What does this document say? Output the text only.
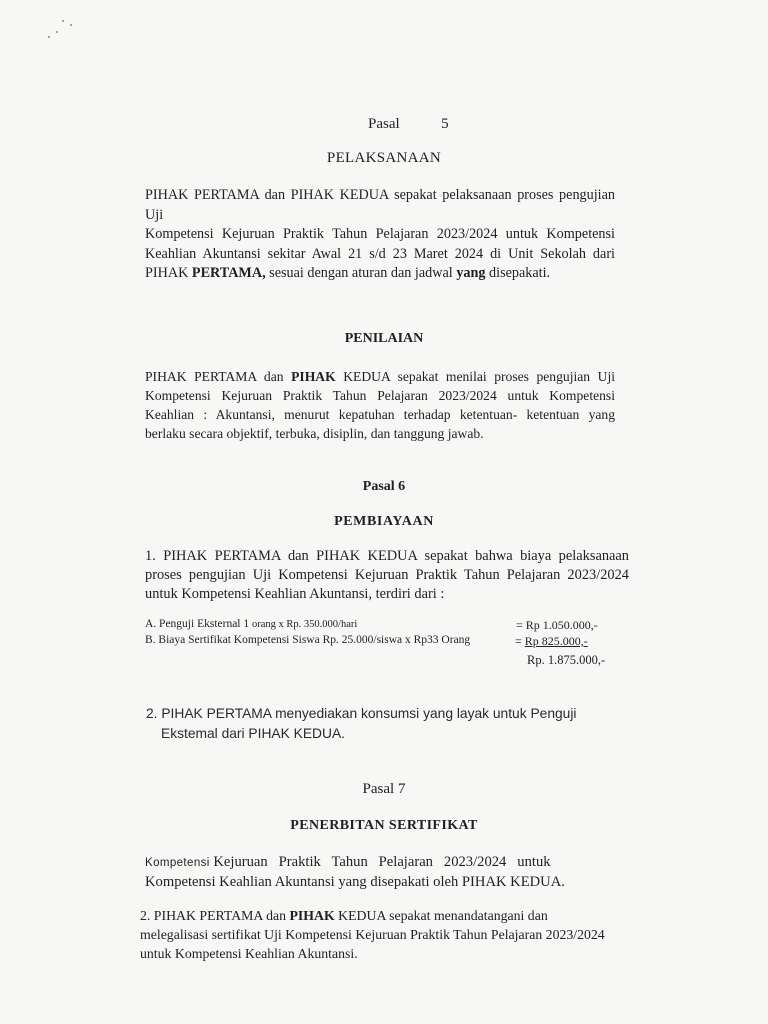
Pasal	5
PELAKSANAAN
PIHAK PERTAMA dan PIHAK KEDUA sepakat pelaksanaan proses pengujian Uji
Kompetensi Kejuruan Praktik Tahun Pelajaran 2023/2024 untuk Kompetensi
Keahlian Akuntansi sekitar Awal 21 s/d 23 Maret 2024 di Unit Sekolah dari
PIHAK PERTAMA, sesuai dengan aturan dan jadwal yang disepakati.
PENILAIAN
PIHAK PERTAMA dan PIHAK KEDUA sepakat menilai proses pengujian Uji
Kompetensi Kejuruan Praktik Tahun Pelajaran 2023/2024 untuk Kompetensi
Keahlian : Akuntansi, menurut kepatuhan terhadap ketentuan- ketentuan yang
berlaku secara objektif, terbuka, disiplin, dan tanggung jawab.
Pasal 6
PEMBIAYAAN
1. PIHAK PERTAMA dan PIHAK KEDUA sepakat bahwa biaya pelaksanaan
proses pengujian Uji Kompetensi Kejuruan Praktik Tahun Pelajaran 2023/2024
untuk Kompetensi Keahlian Akuntansi, terdiri dari :
A. Penguji Eksternal 1 orang x Rp. 350.000/hari	= Rp 1.050.000,-
B. Biaya Sertifikat Kompetensi Siswa Rp. 25.000/siswa x Rp33 Orang	= Rp 825.000,-
Rp. 1.875.000,-
2. PIHAK PERTAMA menyediakan konsumsi yang layak untuk Penguji
Ekstemal dari PIHAK KEDUA.
Pasal 7
PENERBITAN SERTIFIKAT
Kompetensi Kejuruan   Praktik   Tahun   Pelajaran   2023/2024   untuk
Kompetensi Keahlian Akuntansi yang disepakati oleh PIHAK KEDUA.
2. PIHAK PERTAMA dan PIHAK KEDUA sepakat menandatangani dan
melegalisasi sertifikat Uji Kompetensi Kejuruan Praktik Tahun Pelajaran 2023/2024
untuk Kompetensi Keahlian Akuntansi.
